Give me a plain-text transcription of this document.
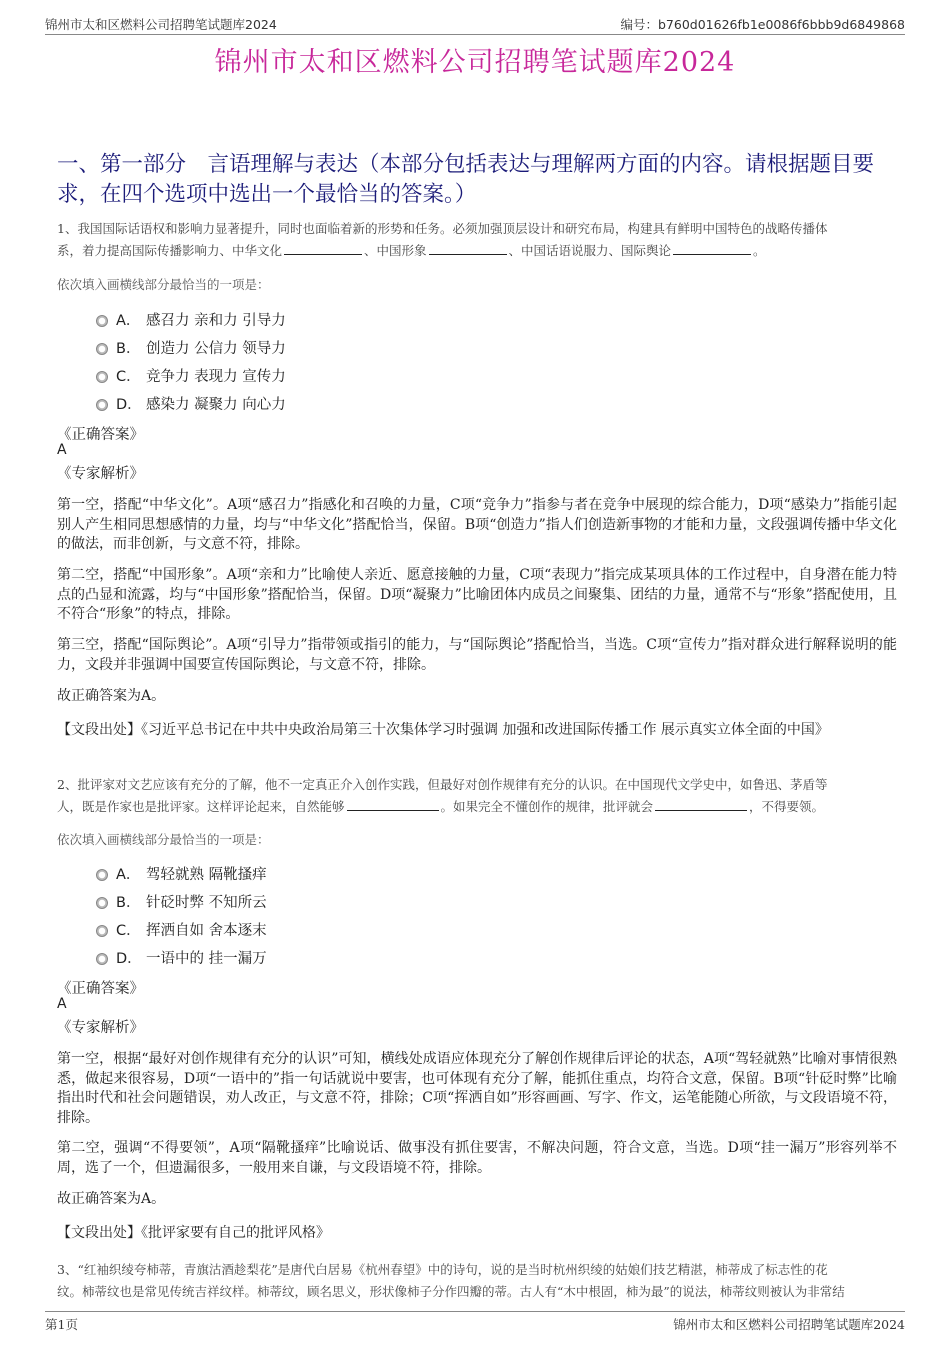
锦州市太和区燃料公司招聘笔试题库2024	编号：b760d01626fb1e0086f6bbb9d6849868
锦州市太和区燃料公司招聘笔试题库2024
一、第一部分　言语理解与表达（本部分包括表达与理解两方面的内容。请根据题目要求，在四个选项中选出一个最恰当的答案。）
1、我国国际话语权和影响力显著提升，同时也面临着新的形势和任务。必须加强顶层设计和研究布局，构建具有鲜明中国特色的战略传播体
系，着力提高国际传播影响力、中华文化	、中国形象	、中国话语说服力、国际舆论	。
依次填入画横线部分最恰当的一项是：
A． 感召力 亲和力 引导力
B． 创造力 公信力 领导力
C． 竞争力 表现力 宣传力
D． 感染力 凝聚力 向心力
《正确答案》
A
《专家解析》
第一空，搭配“中华文化”。A项“感召力”指感化和召唤的力量，C项“竞争力”指参与者在竞争中展现的综合能力，D项“感染力”指能引起别人产生相同思想感情的力量，均与“中华文化”搭配恰当，保留。B项“创造力”指人们创造新事物的才能和力量，文段强调传播中华文化的做法，而非创新，与文意不符，排除。
第二空，搭配“中国形象”。A项“亲和力”比喻使人亲近、愿意接触的力量，C项“表现力”指完成某项具体的工作过程中，自身潜在能力特点的凸显和流露，均与“中国形象”搭配恰当，保留。D项“凝聚力”比喻团体内成员之间聚集、团结的力量，通常不与“形象”搭配使用，且不符合“形象”的特点，排除。
第三空，搭配“国际舆论”。A项“引导力”指带领或指引的能力，与“国际舆论”搭配恰当，当选。C项“宣传力”指对群众进行解释说明的能力，文段并非强调中国要宣传国际舆论，与文意不符，排除。
故正确答案为A。
【文段出处】《习近平总书记在中共中央政治局第三十次集体学习时强调 加强和改进国际传播工作 展示真实立体全面的中国》
2、批评家对文艺应该有充分的了解，他不一定真正介入创作实践，但最好对创作规律有充分的认识。在中国现代文学史中，如鲁迅、茅盾等
人，既是作家也是批评家。这样评论起来，自然能够	。如果完全不懂创作的规律，批评就会	，不得要领。
依次填入画横线部分最恰当的一项是：
A． 驾轻就熟 隔靴搔痒
B． 针砭时弊 不知所云
C． 挥洒自如 舍本逐末
D． 一语中的 挂一漏万
《正确答案》
A
《专家解析》
第一空，根据“最好对创作规律有充分的认识”可知，横线处成语应体现充分了解创作规律后评论的状态，A项“驾轻就熟”比喻对事情很熟悉，做起来很容易，D项“一语中的”指一句话就说中要害，也可体现有充分了解，能抓住重点，均符合文意，保留。B项“针砭时弊”比喻指出时代和社会问题错误，劝人改正，与文意不符，排除；C项“挥洒自如”形容画画、写字、作文，运笔能随心所欲，与文段语境不符，排除。
第二空，强调“不得要领”，A项“隔靴搔痒”比喻说话、做事没有抓住要害，不解决问题，符合文意，当选。D项“挂一漏万”形容列举不周，选了一个，但遗漏很多，一般用来自谦，与文段语境不符，排除。
故正确答案为A。
【文段出处】《批评家要有自己的批评风格》
3、“红袖织绫夸柿蒂，青旗沽酒趁梨花”是唐代白居易《杭州春望》中的诗句，说的是当时杭州织绫的姑娘们技艺精湛，柿蒂成了标志性的花
纹。柿蒂纹也是常见传统吉祥纹样。柿蒂纹，顾名思义，形状像柿子分作四瓣的蒂。古人有“木中根固，柿为最”的说法，柿蒂纹则被认为非常结
第1页	锦州市太和区燃料公司招聘笔试题库2024
